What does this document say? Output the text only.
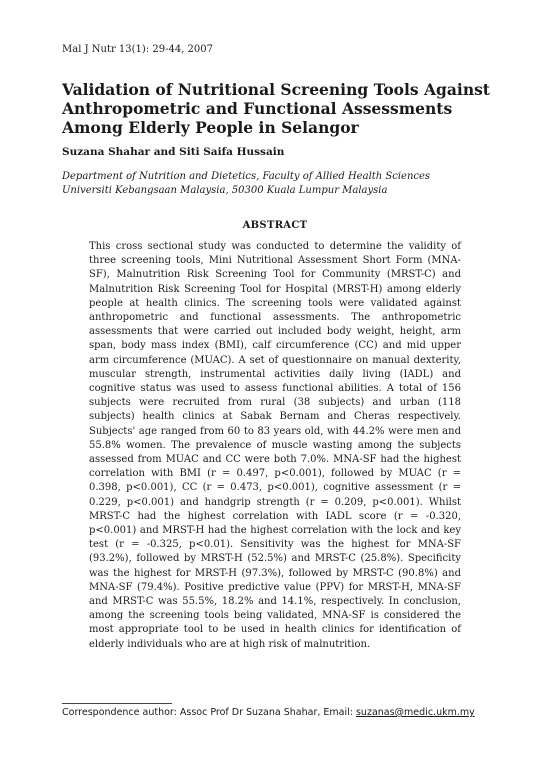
Mal J Nutr 13(1): 29-44, 2007
Validation of Nutritional Screening Tools Against Anthropometric and Functional Assessments Among Elderly People in Selangor
Suzana Shahar and Siti Saifa Hussain
Department of Nutrition and Dietetics, Faculty of Allied Health Sciences
Universiti Kebangsaan Malaysia, 50300 Kuala Lumpur Malaysia
ABSTRACT

This cross sectional study was conducted to determine the validity of three screening tools, Mini Nutritional Assessment Short Form (MNA-SF), Malnutrition Risk Screening Tool for Community (MRST-C) and Malnutrition Risk Screening Tool for Hospital (MRST-H) among elderly people at health clinics. The screening tools were validated against anthropometric and functional assessments. The anthropometric assessments that were carried out included body weight, height, arm span, body mass index (BMI), calf circumference (CC) and mid upper arm circumference (MUAC). A set of questionnaire on manual dexterity, muscular strength, instrumental activities daily living (IADL) and cognitive status was used to assess functional abilities. A total of 156 subjects were recruited from rural (38 subjects) and urban (118 subjects) health clinics at Sabak Bernam and Cheras respectively. Subjects' age ranged from 60 to 83 years old, with 44.2% were men and 55.8% women. The prevalence of muscle wasting among the subjects assessed from MUAC and CC were both 7.0%. MNA-SF had the highest correlation with BMI (r = 0.497, p<0.001), followed by MUAC (r = 0.398, p<0.001), CC (r = 0.473, p<0.001), cognitive assessment (r = 0.229, p<0.001) and handgrip strength (r = 0.209, p<0.001). Whilst MRST-C had the highest correlation with IADL score (r = -0.320, p<0.001) and MRST-H had the highest correlation with the lock and key test (r = -0.325, p<0.01). Sensitivity was the highest for MNA-SF (93.2%), followed by MRST-H (52.5%) and MRST-C (25.8%). Specificity was the highest for MRST-H (97.3%), followed by MRST-C (90.8%) and MNA-SF (79.4%). Positive predictive value (PPV) for MRST-H, MNA-SF and MRST-C was 55.5%, 18.2% and 14.1%, respectively. In conclusion, among the screening tools being validated, MNA-SF is considered the most appropriate tool to be used in health clinics for identification of elderly individuals who are at high risk of malnutrition.

Correspondence author: Assoc Prof Dr Suzana Shahar, Email: suzanas@medic.ukm.my
